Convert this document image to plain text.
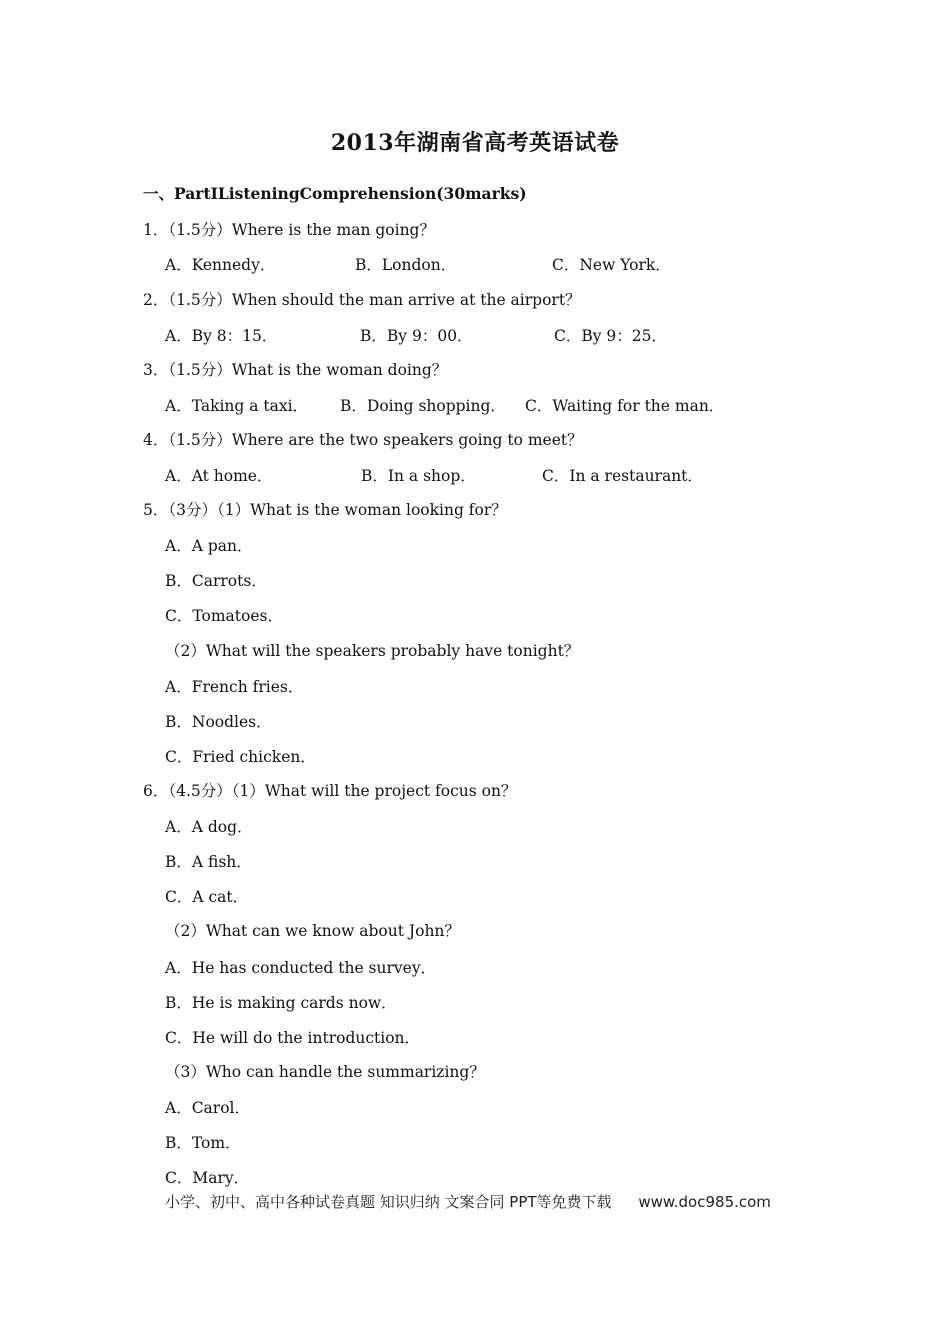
2013年湖南省高考英语试卷
一、PartIListeningComprehension(30marks)
1．（1.5分）Where is the man going？
A．Kennedy．	B．London．	C．New York．
2．（1.5分）When should the man arrive at the airport？
A．By 8：15．	B．By 9：00．	C．By 9：25．
3．（1.5分）What is the woman doing？
A．Taking a taxi． B．Doing shopping． C．Waiting for the man．
4．（1.5分）Where are the two speakers going to meet？
A．At home．	B．In a shop．	C．In a restaurant．
5．（3分）（1）What is the woman looking for？
A．A pan．
B．Carrots．
C．Tomatoes．
（2）What will the speakers probably have tonight？
A．French fries．
B．Noodles．
C．Fried chicken．
6．（4.5分）（1）What will the project focus on？
A．A dog．
B．A fish．
C．A cat．
（2）What can we know about John？
A．He has conducted the survey．
B．He is making cards now．
C．He will do the introduction．
（3）Who can handle the summarizing？
A．Carol．
B．Tom．
C．Mary．
小学、初中、高中各种试卷真题 知识归纳 文案合同 PPT等免费下载 www.doc985.com
